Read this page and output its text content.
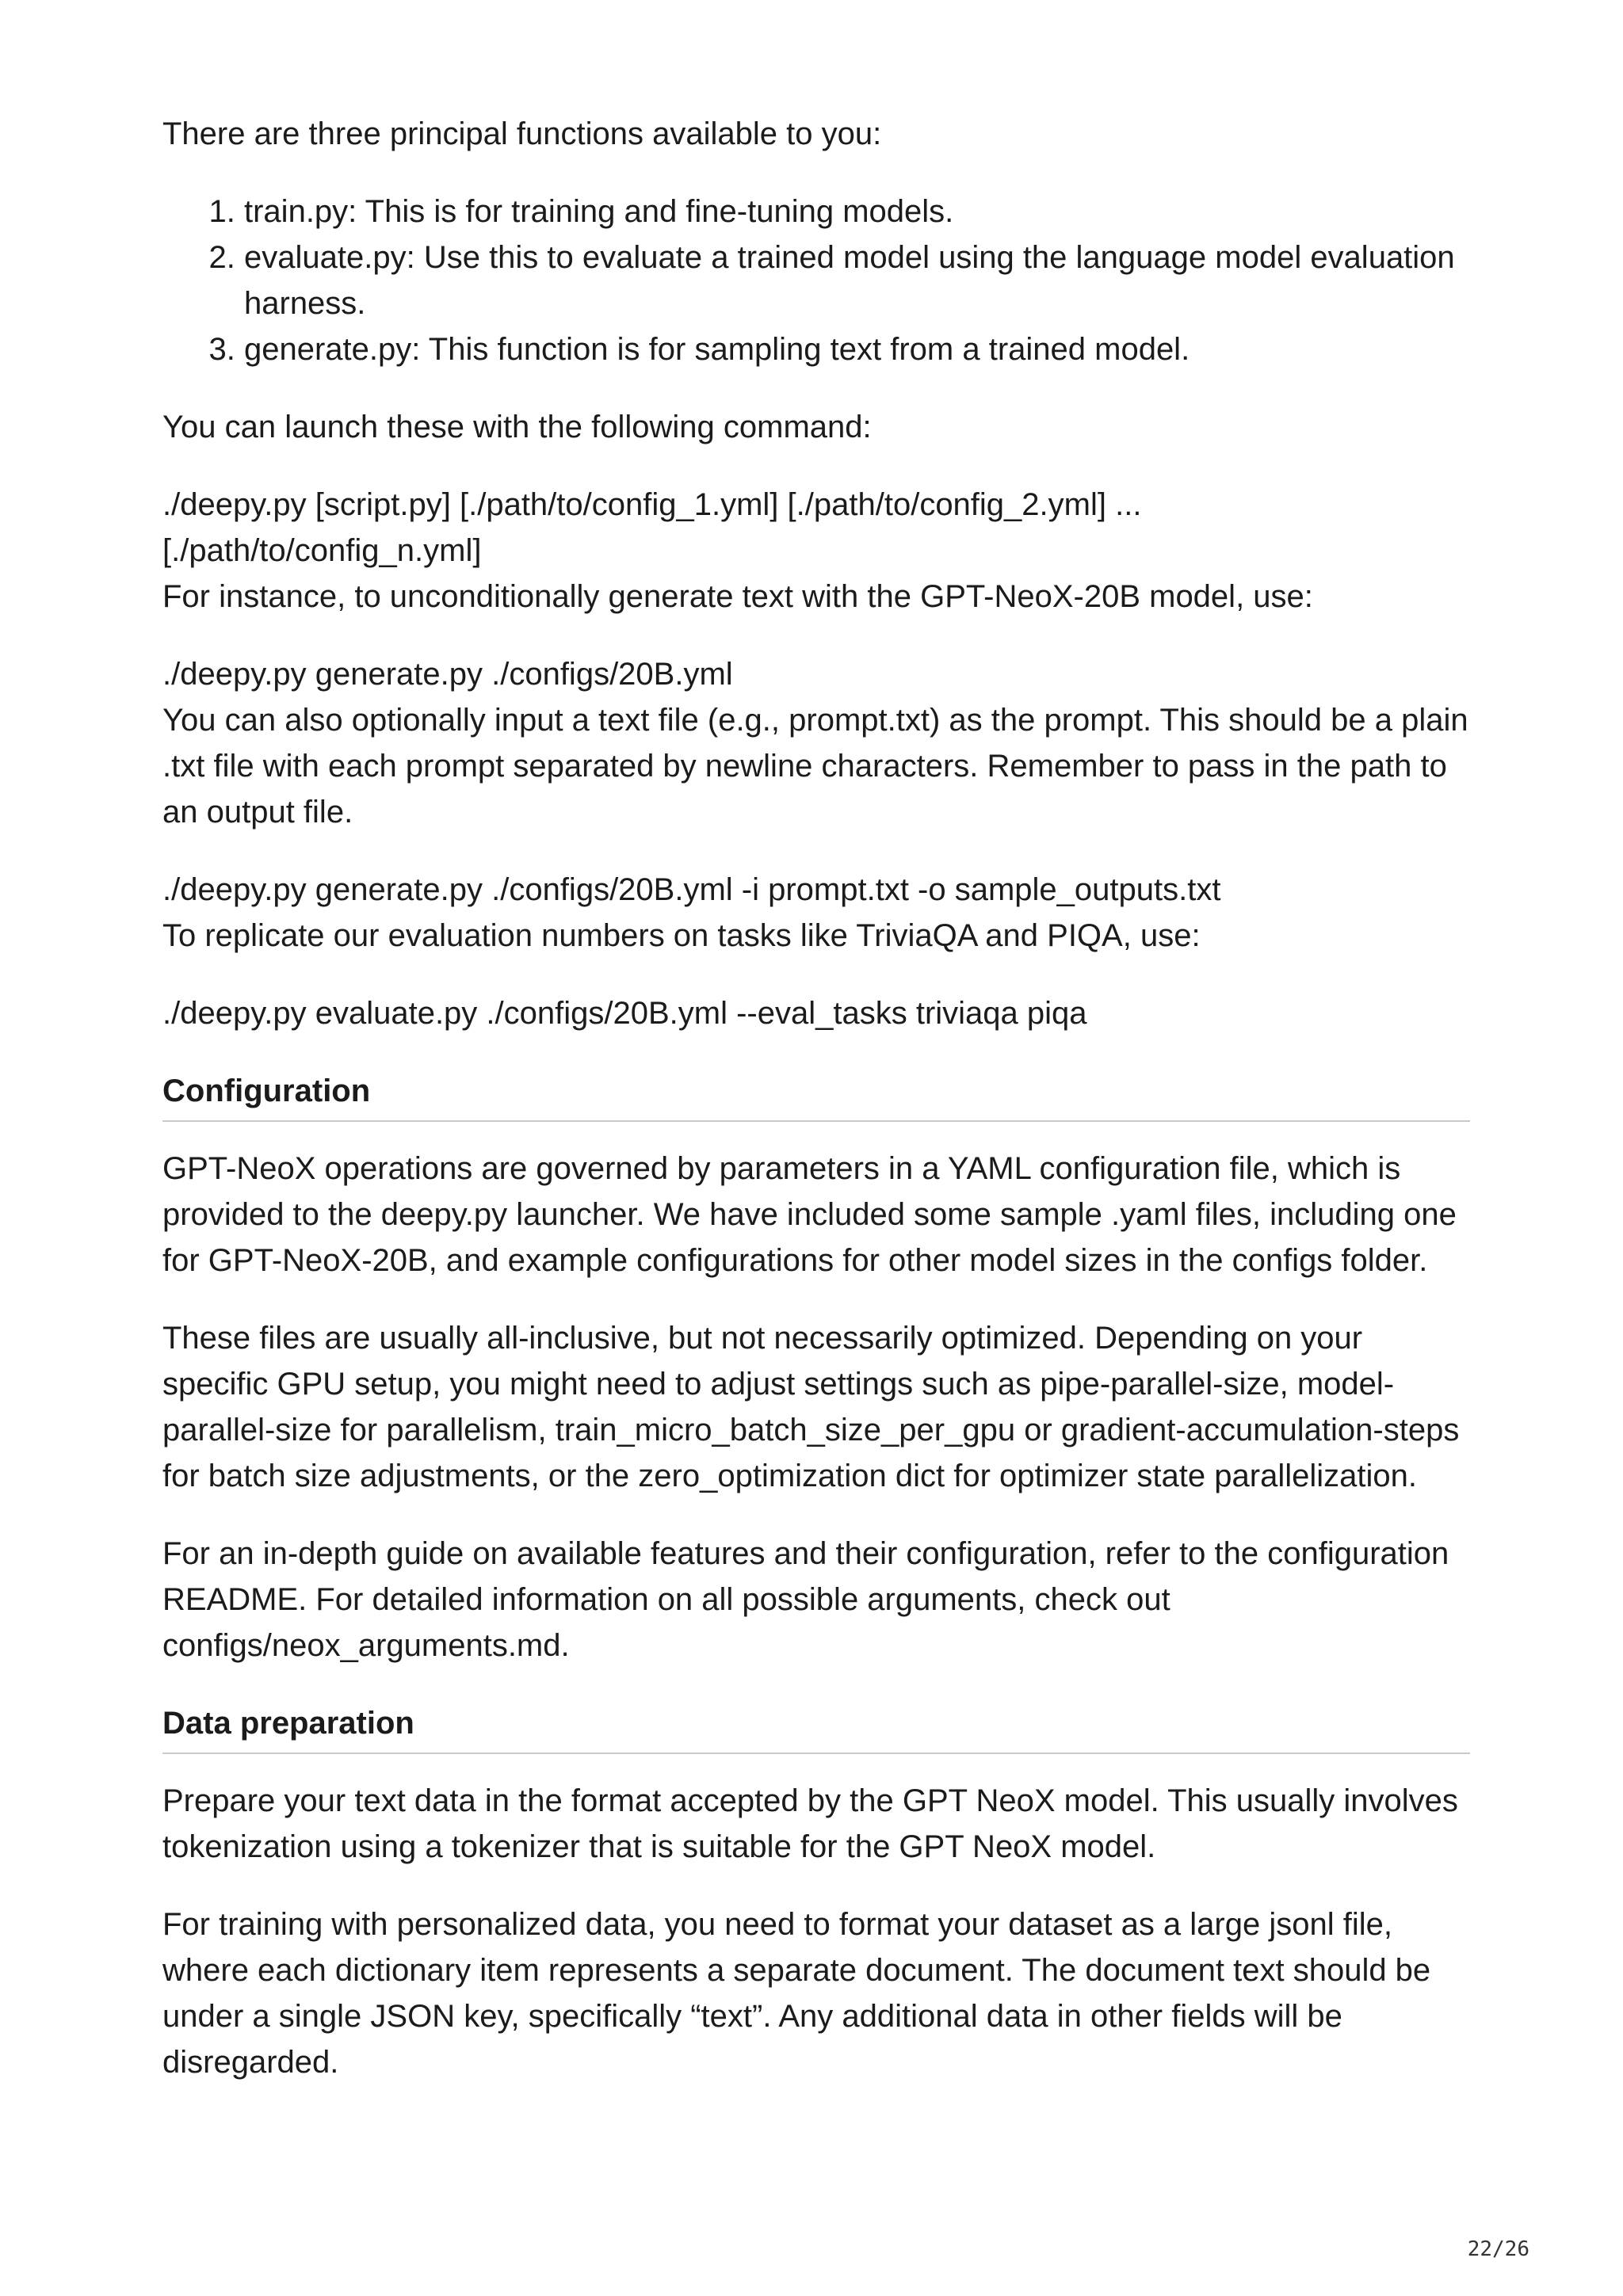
There are three principal functions available to you:

1. train.py: This is for training and fine-tuning models.
2. evaluate.py: Use this to evaluate a trained model using the language model evaluation harness.
3. generate.py: This function is for sampling text from a trained model.

You can launch these with the following command:

./deepy.py [script.py] [./path/to/config_1.yml] [./path/to/config_2.yml] ...

[./path/to/config_n.yml]

For instance, to unconditionally generate text with the GPT-NeoX-20B model, use:

./deepy.py generate.py ./configs/20B.yml

You can also optionally input a text file (e.g., prompt.txt) as the prompt. This should be a plain .txt file with each prompt separated by newline characters. Remember to pass in the path to an output file.

./deepy.py generate.py ./configs/20B.yml -i prompt.txt -o sample_outputs.txt

To replicate our evaluation numbers on tasks like TriviaQA and PIQA, use:

./deepy.py evaluate.py ./configs/20B.yml --eval_tasks triviaqa piqa

Configuration

GPT-NeoX operations are governed by parameters in a YAML configuration file, which is provided to the deepy.py launcher. We have included some sample .yaml files, including one for GPT-NeoX-20B, and example configurations for other model sizes in the configs folder.

These files are usually all-inclusive, but not necessarily optimized. Depending on your specific GPU setup, you might need to adjust settings such as pipe-parallel-size, model-parallel-size for parallelism, train_micro_batch_size_per_gpu or gradient-accumulation-steps for batch size adjustments, or the zero_optimization dict for optimizer state parallelization.

For an in-depth guide on available features and their configuration, refer to the configuration README. For detailed information on all possible arguments, check out configs/neox_arguments.md.

Data preparation

Prepare your text data in the format accepted by the GPT NeoX model. This usually involves tokenization using a tokenizer that is suitable for the GPT NeoX model.

For training with personalized data, you need to format your dataset as a large jsonl file, where each dictionary item represents a separate document. The document text should be under a single JSON key, specifically “text”. Any additional data in other fields will be disregarded.

22/26
